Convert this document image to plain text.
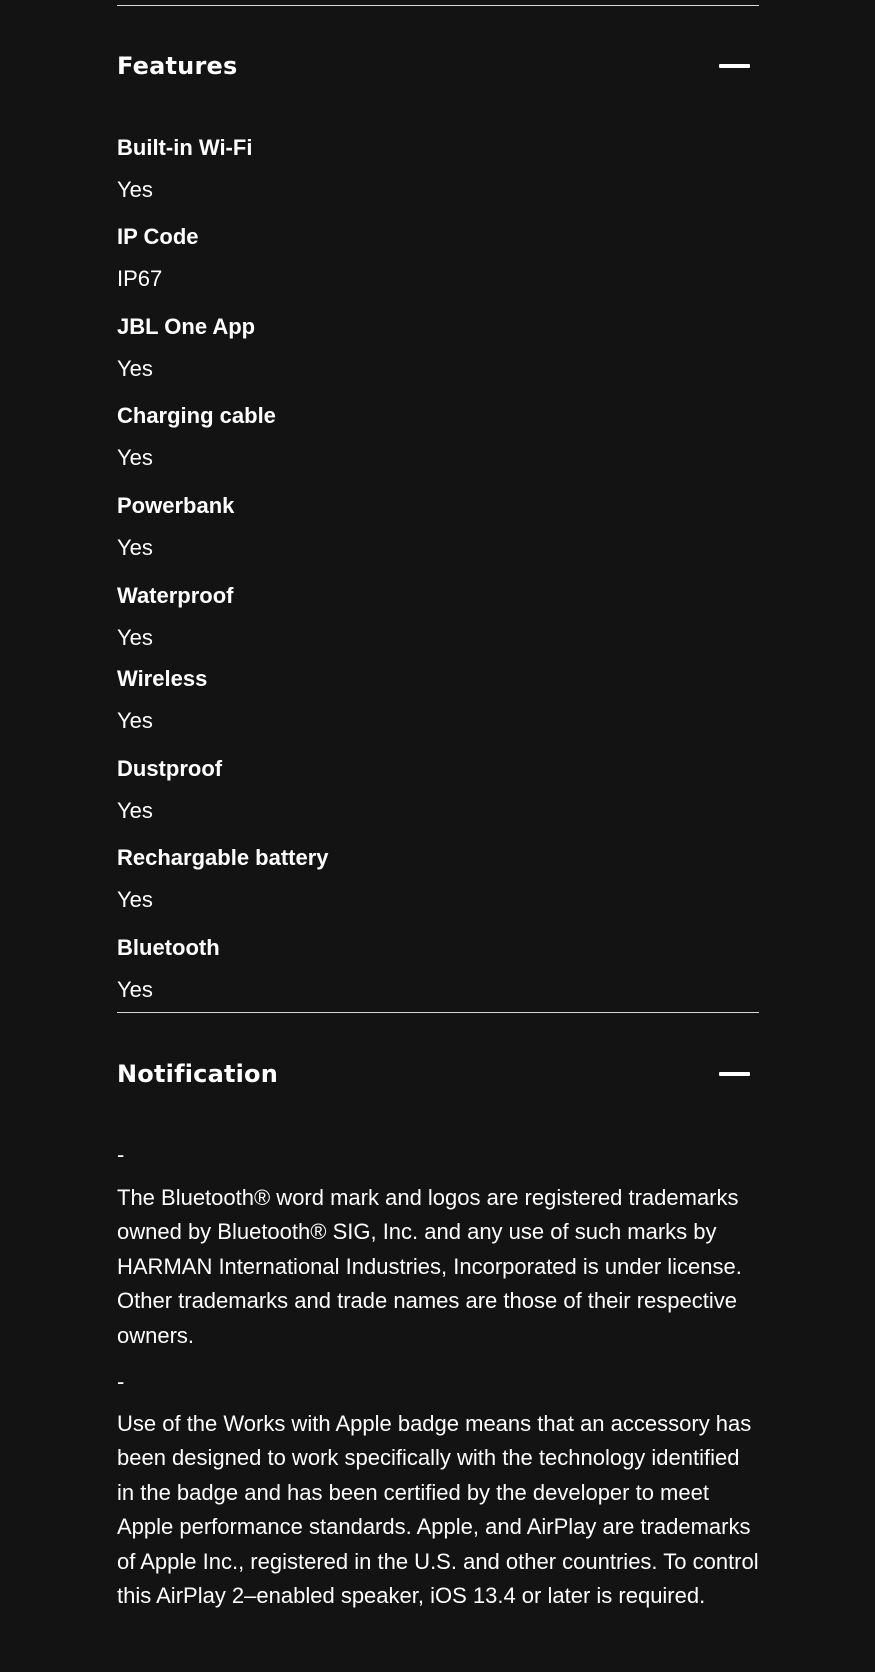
Features
Built-in Wi-Fi
Yes
IP Code
IP67
JBL One App
Yes
Charging cable
Yes
Powerbank
Yes
Waterproof
Yes
Wireless
Yes
Dustproof
Yes
Rechargable battery
Yes
Bluetooth
Yes
Notification
-

The Bluetooth® word mark and logos are registered trademarks owned by Bluetooth® SIG, Inc. and any use of such marks by HARMAN International Industries, Incorporated is under license. Other trademarks and trade names are those of their respective owners.

-

Use of the Works with Apple badge means that an accessory has been designed to work specifically with the technology identified in the badge and has been certified by the developer to meet Apple performance standards. Apple, and AirPlay are trademarks of Apple Inc., registered in the U.S. and other countries. To control this AirPlay 2–enabled speaker, iOS 13.4 or later is required.
